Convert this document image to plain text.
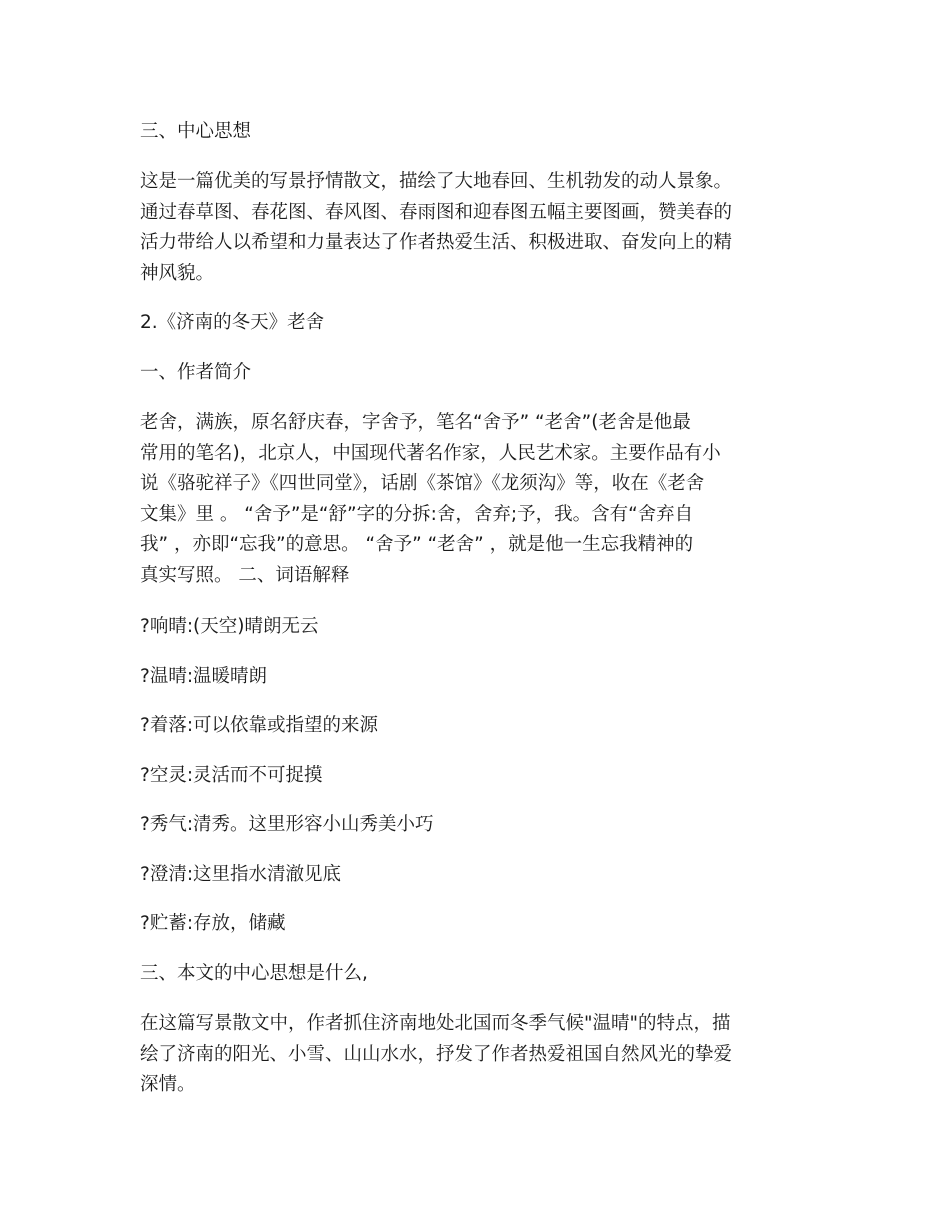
三、中心思想

这是一篇优美的写景抒情散文，描绘了大地春回、生机勃发的动人景象。
通过春草图、春花图、春风图、春雨图和迎春图五幅主要图画，赞美春的
活力带给人以希望和力量表达了作者热爱生活、积极进取、奋发向上的精
神风貌。

2.《济南的冬天》老舍

一、作者简介

老舍，满族，原名舒庆春，字舍予，笔名“舍予” “老舍”(老舍是他最
常用的笔名)，北京人，中国现代著名作家，人民艺术家。主要作品有小
说《骆驼祥子》《四世同堂》，话剧《茶馆》《龙须沟》等，收在《老舍
文集》里 。 “舍予”是“舒”字的分拆:舍，舍弃;予，我。含有“舍弃自
我” ，亦即“忘我”的意思。 “舍予” “老舍” ，就是他一生忘我精神的
真实写照。 二、词语解释

?响晴:(天空)晴朗无云

?温晴:温暖晴朗

?着落:可以依靠或指望的来源

?空灵:灵活而不可捉摸

?秀气:清秀。这里形容小山秀美小巧

?澄清:这里指水清澈见底

?贮蓄:存放，储藏

三、本文的中心思想是什么,

在这篇写景散文中，作者抓住济南地处北国而冬季气候"温晴"的特点，描
绘了济南的阳光、小雪、山山水水，抒发了作者热爱祖国自然风光的挚爱
深情。
